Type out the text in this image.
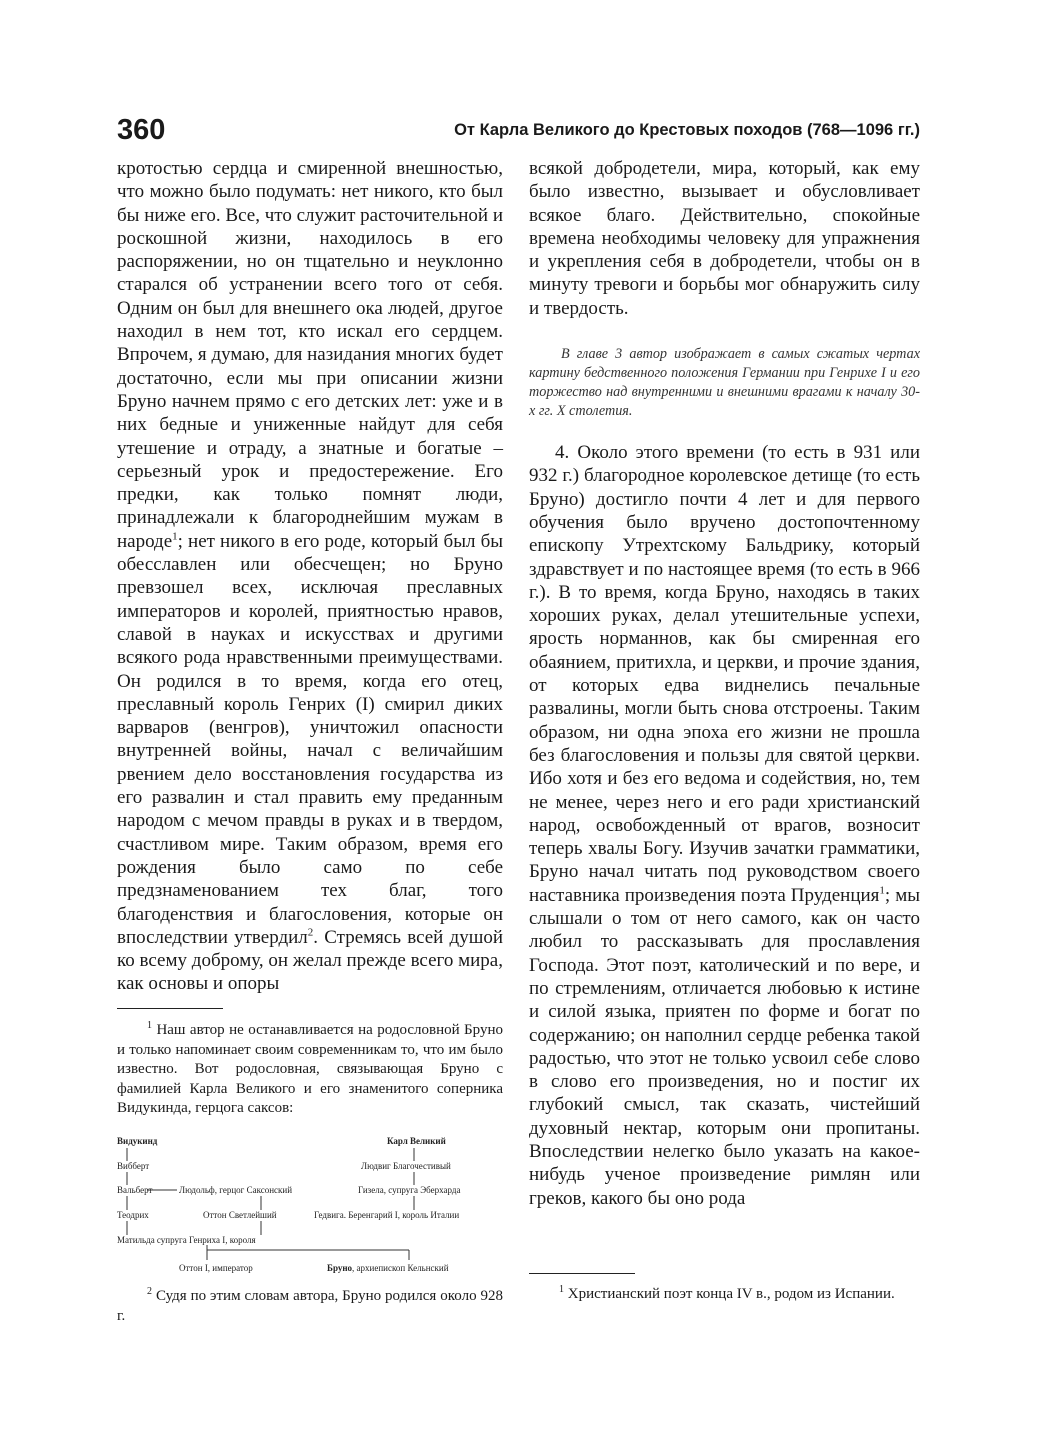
360	От Карла Великого до Крестовых походов (768—1096 гг.)

кротостью сердца и смиренной внешностью, что можно было подумать: нет никого, кто был бы ниже его. Все, что служит расточительной и роскошной жизни, находилось в его распоряжении, но он тщательно и неуклонно старался об устранении всего того от себя. Одним он был для внешнего ока людей, другое находил в нем тот, кто искал его сердцем. Впрочем, я думаю, для назидания многих будет достаточно, если мы при описании жизни Бруно начнем прямо с его детских лет: уже и в них бедные и униженные найдут для себя утешение и отраду, а знатные и богатые – серьезный урок и предостережение. Его предки, как только помнят люди, принадлежали к благороднейшим мужам в народе$^1$; нет никого в его роде, который был бы обесславлен или обесчещен; но Бруно превзошел всех, исключая преславных императоров и королей, приятностью нравов, славой в науках и искусствах и другими всякого рода нравственными преимуществами. Он родился в то время, когда его отец, преславный король Генрих (I) смирил диких варваров (венгров), уничтожил опасности внутренней войны, начал с величайшим рвением дело восстановления государства из его развалин и стал править ему преданным народом с мечом правды в руках и в твердом, счастливом мире. Таким образом, время его рождения было само по себе предзнаменованием тех благ, того благоденствия и благословения, которые он впоследствии утвердил$^2$. Стремясь всей душой ко всему доброму, он желал прежде всего мира, как основы и опоры

$^1$ Наш автор не останавливается на родословной Бруно и только напоминает своим современникам то, что им было известно. Вот родословная, связывающая Бруно с фамилией Карла Великого и его знаменитого соперника Видукинда, герцога саксов:

Видукинд
Вибберт
Вальберт	Людольф, герцог Саксонский
Теодрих	Оттон Светлейший
Матильда супруга Генриха I, короля
Оттон I, император	Бруно, архиепископ Кельнский
Карл Великий
Людвиг Благочестивый
Гизела, супруга Эберхарда
Гедвига. Беренгарий I, король Италии

$^2$ Судя по этим словам автора, Бруно родился около 928 г.

всякой добродетели, мира, который, как ему было известно, вызывает и обусловливает всякое благо. Действительно, спокойные времена необходимы человеку для упражнения и укрепления себя в добродетели, чтобы он в минуту тревоги и борьбы мог обнаружить силу и твердость.

В главе 3 автор изображает в самых сжатых чертах картину бедственного положения Германии при Генрихе I и его торжество над внутренними и внешними врагами к началу 30-х гг. X столетия.

4. Около этого времени (то есть в 931 или 932 г.) благородное королевское детище (то есть Бруно) достигло почти 4 лет и для первого обучения было вручено достопочтенному епископу Утрехтскому Бальдрику, который здравствует и по настоящее время (то есть в 966 г.). В то время, когда Бруно, находясь в таких хороших руках, делал утешительные успехи, ярость норманнов, как бы смиренная его обаянием, притихла, и церкви, и прочие здания, от которых едва виднелись печальные развалины, могли быть снова отстроены. Таким образом, ни одна эпоха его жизни не прошла без благословения и пользы для святой церкви. Ибо хотя и без его ведома и содействия, но, тем не менее, через него и его ради христианский народ, освобожденный от врагов, возносит теперь хвалы Богу. Изучив зачатки грамматики, Бруно начал читать под руководством своего наставника произведения поэта Пруденция$^1$; мы слышали о том от него самого, как он часто любил то рассказывать для прославления Господа. Этот поэт, католический и по вере, и по стремлениям, отличается любовью к истине и силой языка, приятен по форме и богат по содержанию; он наполнил сердце ребенка такой радостью, что этот не только усвоил себе слово в слово его произведения, но и постиг их глубокий смысл, так сказать, чистейший духовный нектар, которым они пропитаны. Впоследствии нелегко было указать на какое-нибудь ученое произведение римлян или греков, какого бы оно рода

$^1$ Христианский поэт конца IV в., родом из Испании.
